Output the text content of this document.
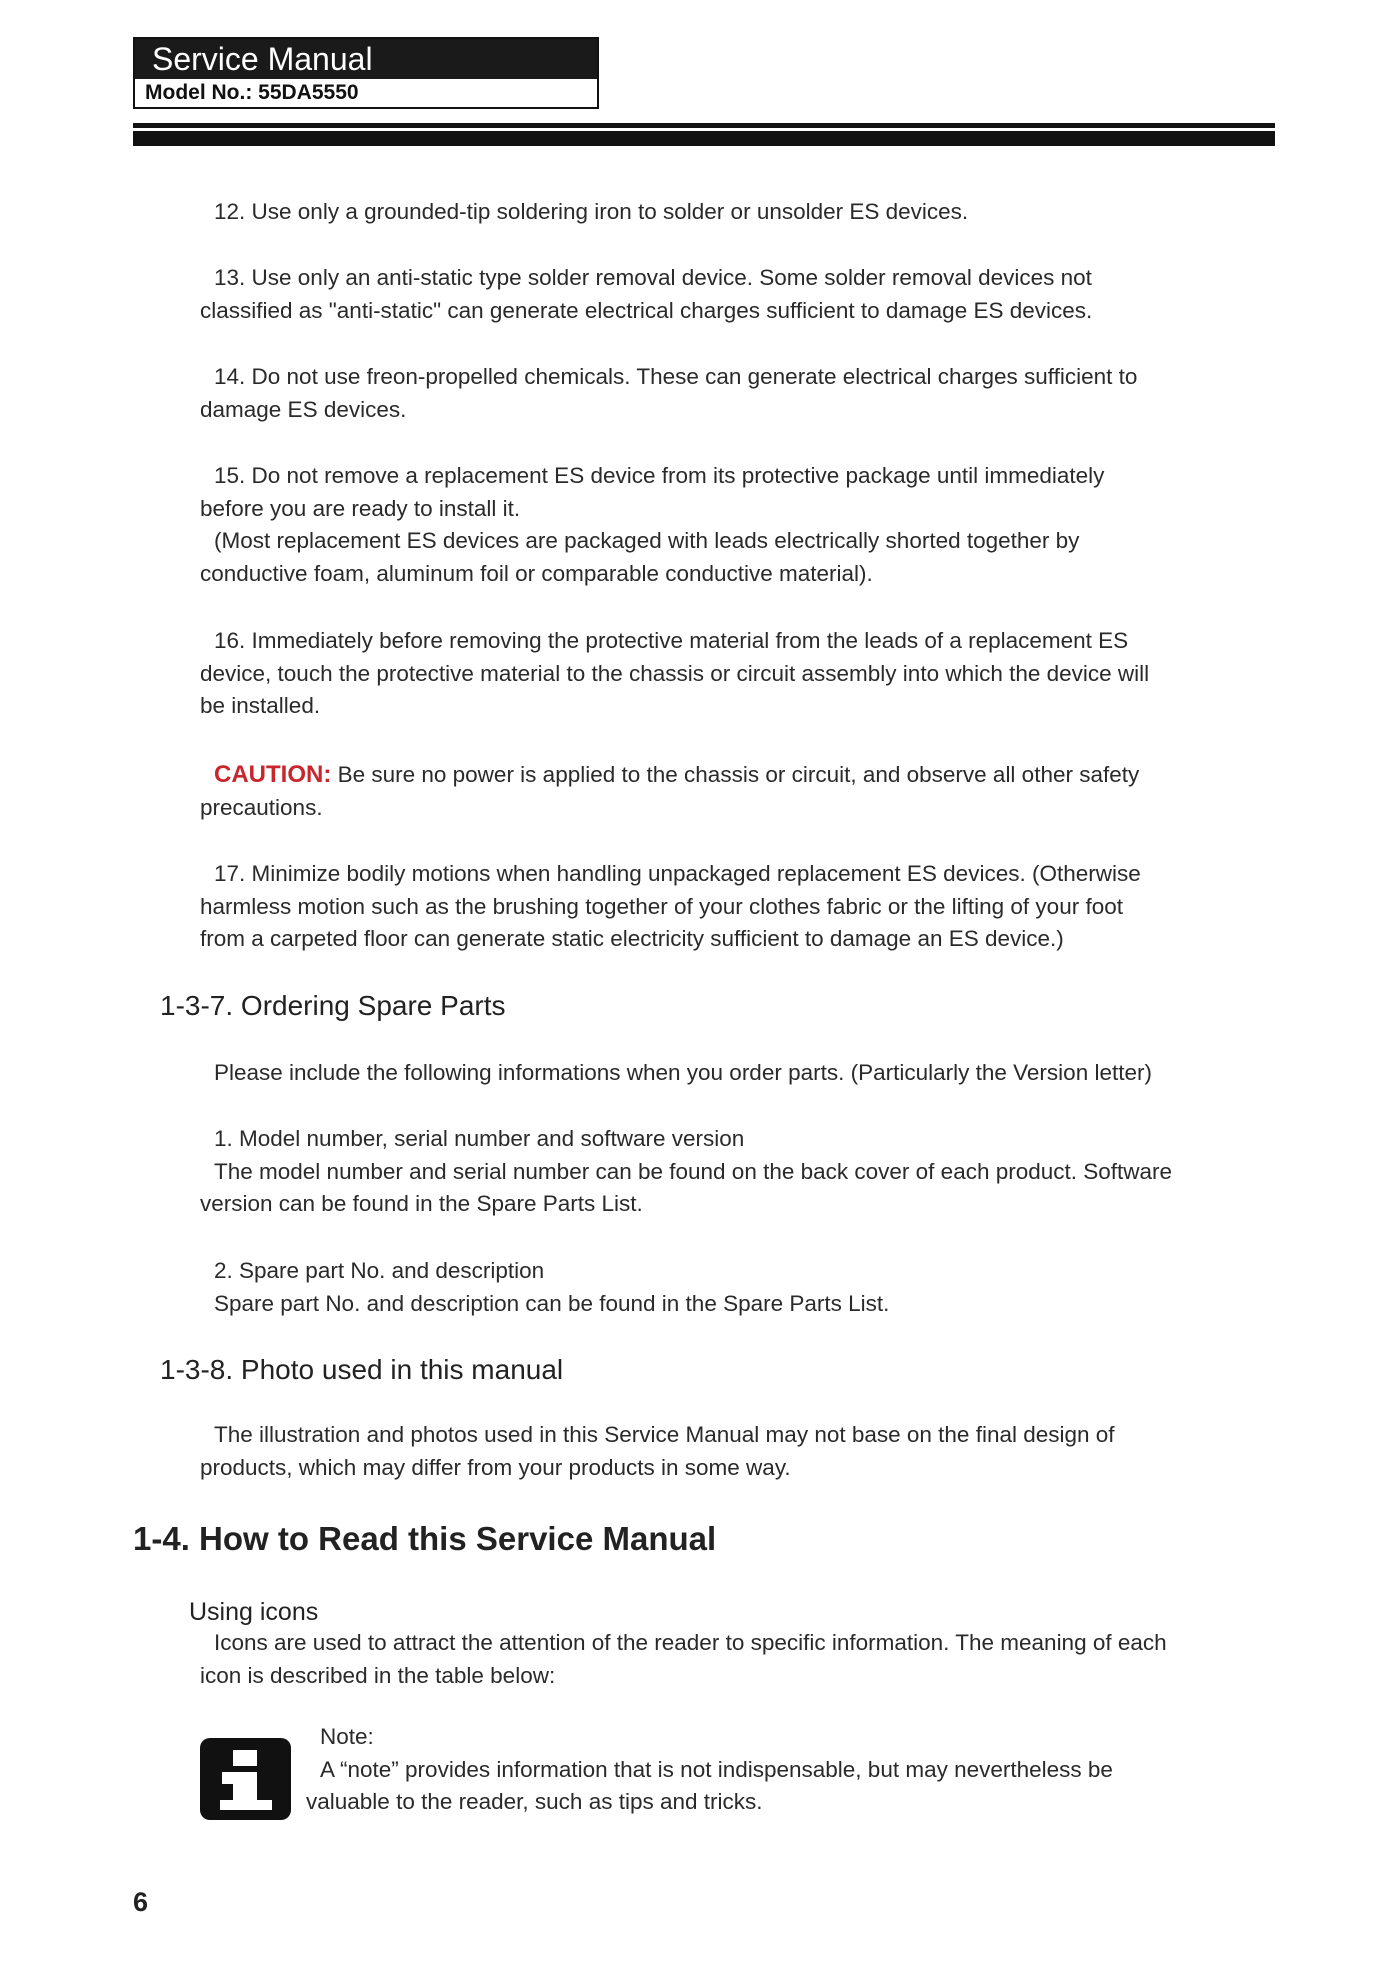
Service Manual
Model No.: 55DA5550

12. Use only a grounded-tip soldering iron to solder or unsolder ES devices.

13. Use only an anti-static type solder removal device. Some solder removal devices not

classified as "anti-static" can generate electrical charges sufficient to damage ES devices.

14. Do not use freon-propelled chemicals. These can generate electrical charges sufficient to

damage ES devices.

15. Do not remove a replacement ES device from its protective package until immediately

before you are ready to install it.

(Most replacement ES devices are packaged with leads electrically shorted together by

conductive foam, aluminum foil or comparable conductive material).

16. Immediately before removing the protective material from the leads of a replacement ES

device, touch the protective material to the chassis or circuit assembly into which the device will

be installed.

CAUTION: Be sure no power is applied to the chassis or circuit, and observe all other safety

precautions.

17. Minimize bodily motions when handling unpackaged replacement ES devices. (Otherwise

harmless motion such as the brushing together of your clothes fabric or the lifting of your foot

from a carpeted floor can generate static electricity sufficient to damage an ES device.)

1-3-7. Ordering Spare Parts

Please include the following informations when you order parts. (Particularly the Version letter)

1. Model number, serial number and software version

The model number and serial number can be found on the back cover of each product. Software

version can be found in the Spare Parts List.

2. Spare part No. and description

Spare part No. and description can be found in the Spare Parts List.

1-3-8. Photo used in this manual

The illustration and photos used in this Service Manual may not base on the final design of

products, which may differ from your products in some way.

1-4. How to Read this Service Manual
Using icons

Icons are used to attract the attention of the reader to specific information. The meaning of each

icon is described in the table below:

Note:

A “note” provides information that is not indispensable, but may nevertheless be

valuable to the reader, such as tips and tricks.

6
